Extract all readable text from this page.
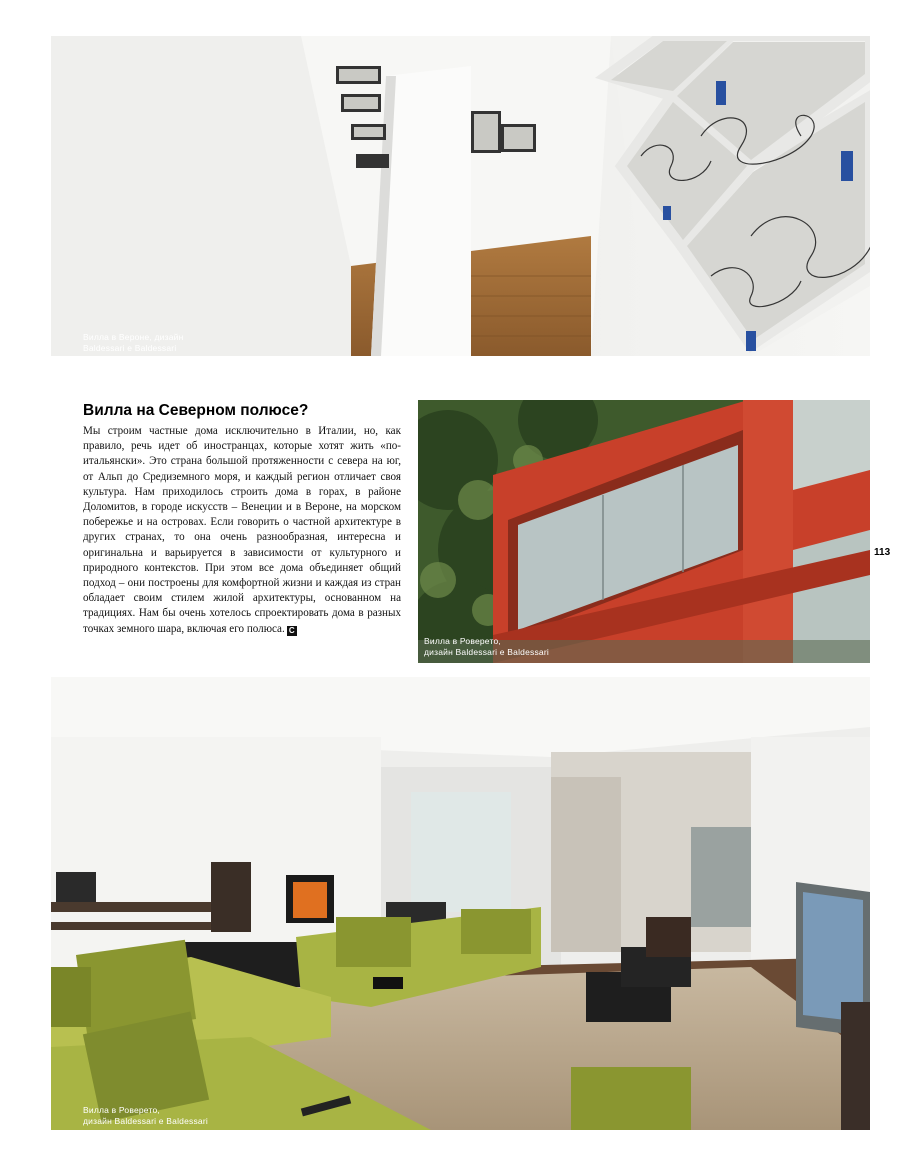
Вилла в Вероне, дизайн
Baldessari e Baldessari
Вилла на Северном полюсе?

Мы строим частные дома исключительно в Италии, но, как правило, речь идет об иностранцах, которые хотят жить «по-итальянски». Это страна большой протяженности с севера на юг, от Альп до Средиземного моря, и каждый регион отличает своя культура. Нам приходилось строить дома в горах, в районе Доломитов, в городе искусств – Венеции и в Вероне, на морском побережье и на островах. Если говорить о частной архитектуре в других странах, то она очень разнообразная, интересна и оригинальна и варьируется в зависимости от культурного и природного контекстов. При этом все дома объединяет общий подход – они построены для комфортной жизни и каждая из стран обладает своим стилем жилой архитектуры, основанном на традициях. Нам бы очень хотелось спроектировать дома в разных точках земного шара, включая его полюса. C

Вилла в Роверето,
дизайн Baldessari e Baldessari
113
Вилла в Роверето,
дизайн Baldessari e Baldessari
